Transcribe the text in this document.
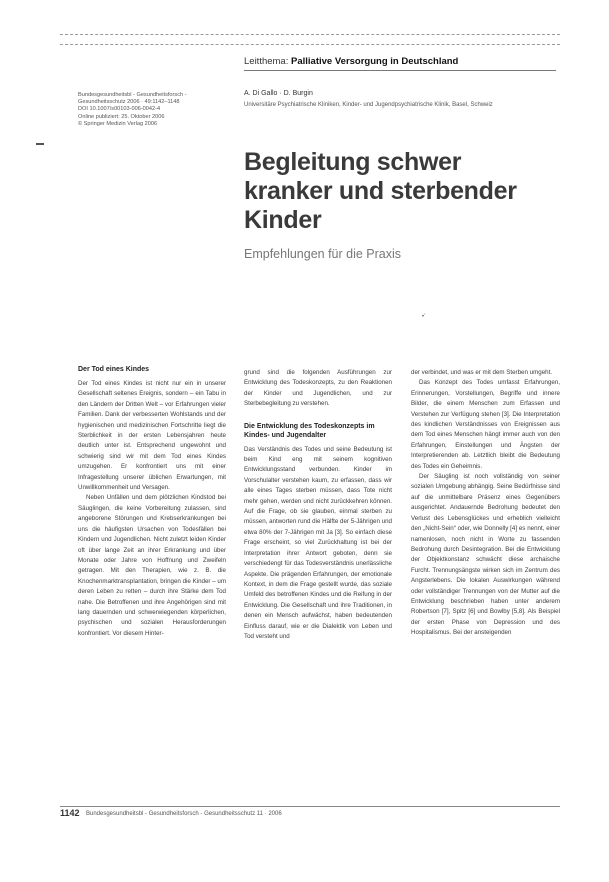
Leitthema: Palliative Versorgung in Deutschland
Bundesgesundheitsbl - Gesundheitsforsch -
Gesundheitsschutz 2006 · 49:1142–1148
DOI 10.1007/s00103-006-0042-4
Online publiziert: 25. Oktober 2006
© Springer Medizin Verlag 2006
A. Di Gallo · D. Burgin
Universitäre Psychiatrische Kliniken, Kinder- und Jugendpsychiatrische Klinik, Basel, Schweiz
Begleitung schwer
kranker und sterbender
Kinder
Empfehlungen für die Praxis
•’
Der Tod eines Kindes

Der Tod eines Kindes ist nicht nur ein in unserer Gesellschaft seltenes Ereignis, sondern – ein Tabu in den Ländern der Dritten Welt – vor Erfahrungen vieler Familien. Dank der verbesserten Wohlstands und der hygienischen und medizinischen Fortschritte liegt die Sterblichkeit in der ersten Lebensjahren heute deutlich unter ist. Entsprechend ungewohnt und schwierig sind wir mit dem Tod eines Kindes umzugehen. Er konfrontiert uns mit einer Infragestellung unserer üblichen Erwartungen, mit Unwillkommenheit und Versagen.

Neben Unfällen und dem plötzlichen Kindstod bei Säuglingen, die keine Vorbereitung zulassen, sind angeborene Störungen und Krebserkrankungen bei uns die häufigsten Ursachen von Todesfällen bei Kindern und Jugendlichen. Nicht zuletzt leiden Kinder oft über lange Zeit an ihrer Erkrankung und über Monate oder Jahre von Hoffnung und Zweifeln getragen. Mit den Therapien, wie z. B. die Knochenmarktransplantation, bringen die Kinder – um deren Leben zu retten – durch ihre Stärke dem Tod nahe. Die Betroffenen und ihre Angehörigen sind mit lang dauernden und schwerwiegenden körperlichen, psychischen und sozialen Herausforderungen konfrontiert. Vor diesem Hinter-

grund sind die folgenden Ausführungen zur Entwicklung des Todeskonzepts, zu den Reaktionen der Kinder und Jugendlichen, und zur Sterbebegleitung zu verstehen.

Die Entwicklung des Todeskonzepts im Kindes- und Jugendalter

Das Verständnis des Todes und seine Bedeutung ist beim Kind eng mit seinem kognitiven Entwicklungsstand verbunden. Kinder im Vorschulalter verstehen kaum, zu erfassen, dass wir alle eines Tages sterben müssen, dass Tote nicht mehr gehen, werden und nicht zurückkehren können. Auf die Frage, ob sie glauben, einmal sterben zu müssen, antworten rund die Hälfte der 5-Jährigen und etwa 80% der 7-Jährigen mit Ja [3]. So einfach diese Frage erscheint, so viel Zurückhaltung ist bei der Interpretation ihrer Antwort geboten, denn sie verschiedengt für das Todesverständnis unerlässliche Aspekte. Die prägenden Erfahrungen, der emotionale Kontext, in dem die Frage gestellt wurde, das soziale Umfeld des betroffenen Kindes und die Reifung in der Entwicklung. Die Gesellschaft und ihre Traditionen, in denen ein Mensch aufwächst, haben bedeutenden Einfluss darauf, wie er die Dialektik von Leben und Tod versteht und

der verbindet, und was er mit dem Sterben umgeht.

Das Konzept des Todes umfasst Erfahrungen, Erinnerungen, Vorstellungen, Begriffe und innere Bilder, die einem Menschen zum Erfassen und Verstehen zur Verfügung stehen [3]. Die Interpretation des kindlichen Verständnisses von Ereignissen aus dem Tod eines Menschen hängt immer auch von den Erfahrungen, Einstellungen und Ängsten der Interpretierenden ab. Letztlich bleibt die Bedeutung des Todes ein Geheimnis.

Der Säugling ist noch vollständig von seiner sozialen Umgebung abhängig. Seine Bedürfnisse sind auf die unmittelbare Präsenz eines Gegenübers ausgerichtet. Andauernde Bedrohung bedeutet den Verlust des Lebensglückes und erheblich vielleicht den „Nicht-Sein“ oder, wie Donnelly [4] es nennt, einer namenlosen, noch nicht in Worte zu fassenden Bedrohung durch Desintegration. Bei die Entwicklung der Objektkonstanz schwächt diese archaische Furcht. Trennungsängste wirken sich im Zentrum des Angsterlebens. Die lokalen Auswirkungen während oder vollständiger Trennungen von der Mutter auf die Entwicklung beschrieben haben unter anderem Robertson [7], Spitz [6] und Bowlby [5,8]. Als Beispiel der ersten Phase von Depression und des Hospitalismus. Bei der ansteigenden

1142 Bundesgesundheitsbl - Gesundheitsforsch - Gesundheitsschutz 11 · 2006
